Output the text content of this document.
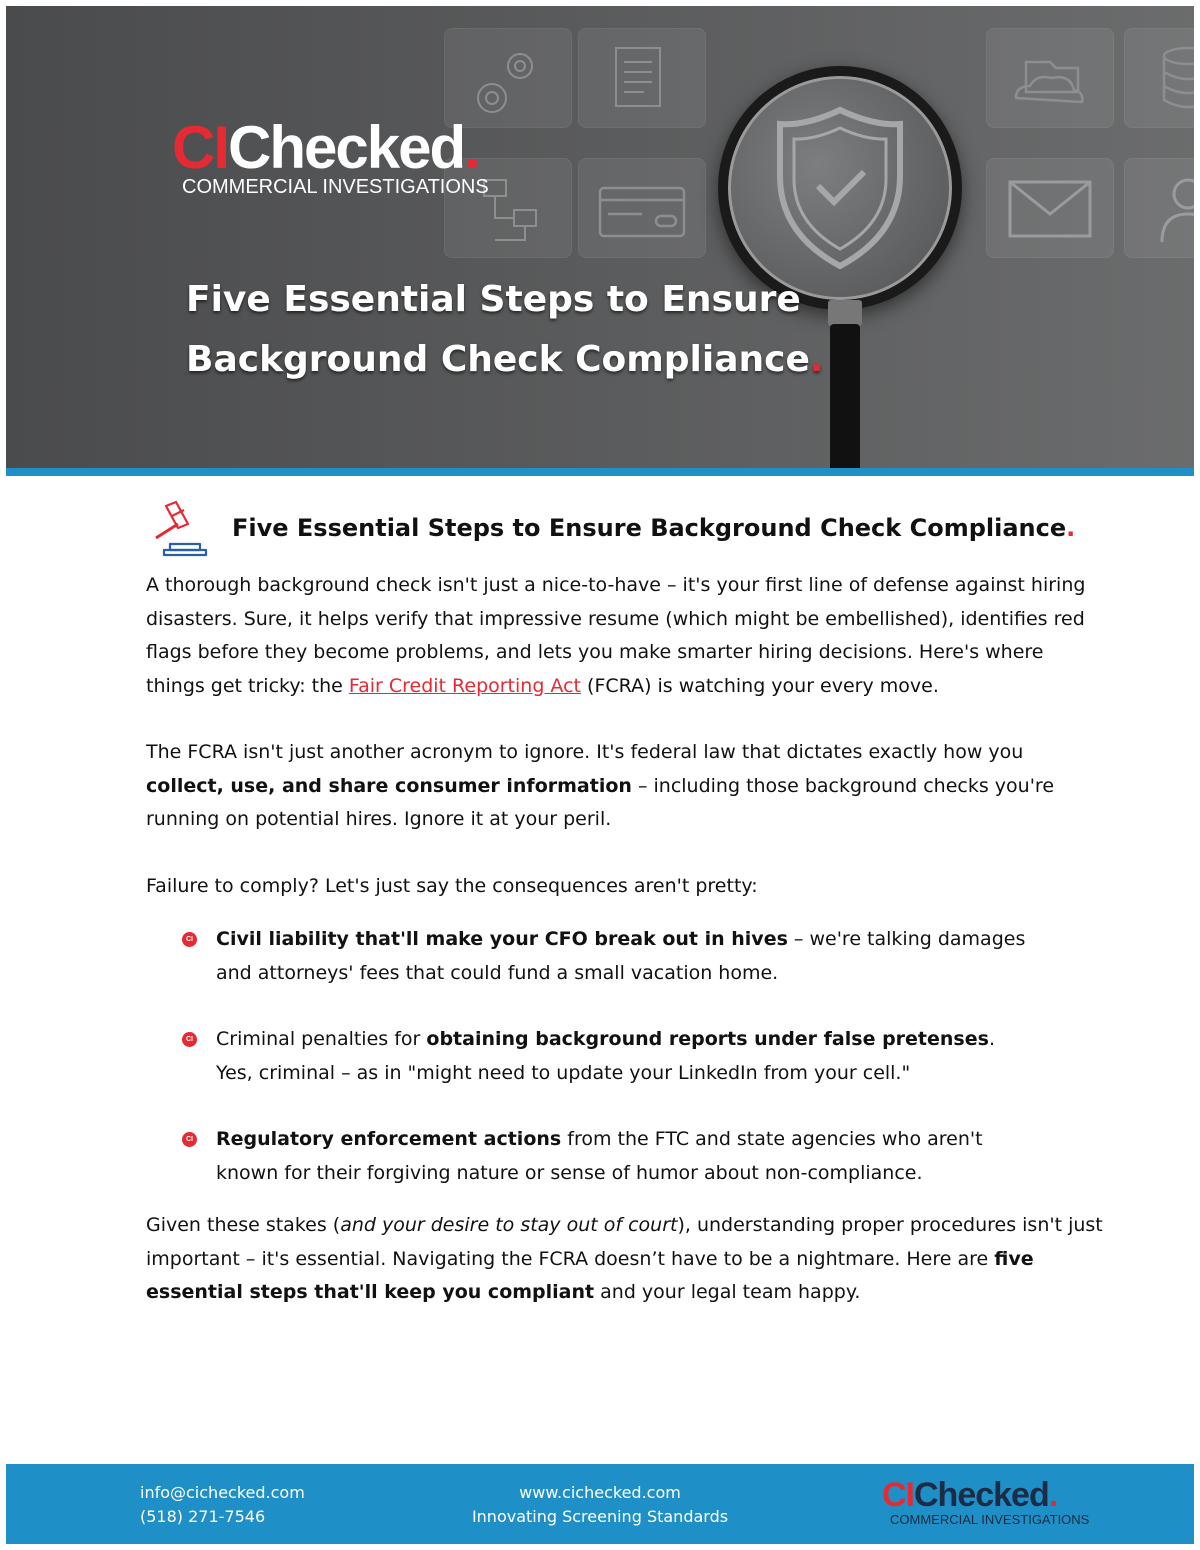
CIChecked.
COMMERCIAL INVESTIGATIONS
Five Essential Steps to Ensure
Background Check Compliance.
Five Essential Steps to Ensure Background Check Compliance.
A thorough background check isn't just a nice-to-have – it's your first line of defense against hiring disasters. Sure, it helps verify that impressive resume (which might be embellished), identifies red flags before they become problems, and lets you make smarter hiring decisions. Here's where things get tricky: the Fair Credit Reporting Act (FCRA) is watching your every move.
The FCRA isn't just another acronym to ignore. It's federal law that dictates exactly how you collect, use, and share consumer information – including those background checks you're running on potential hires. Ignore it at your peril.
Failure to comply? Let's just say the consequences aren't pretty:
CI Civil liability that'll make your CFO break out in hives – we're talking damages and attorneys' fees that could fund a small vacation home.
CI Criminal penalties for obtaining background reports under false pretenses. Yes, criminal – as in "might need to update your LinkedIn from your cell."
CI Regulatory enforcement actions from the FTC and state agencies who aren't known for their forgiving nature or sense of humor about non-compliance.
Given these stakes (and your desire to stay out of court), understanding proper procedures isn't just important – it's essential. Navigating the FCRA doesn’t have to be a nightmare. Here are five essential steps that'll keep you compliant and your legal team happy.
info@cichecked.com
(518) 271-7546
www.cichecked.com
Innovating Screening Standards
CIChecked.
COMMERCIAL INVESTIGATIONS
